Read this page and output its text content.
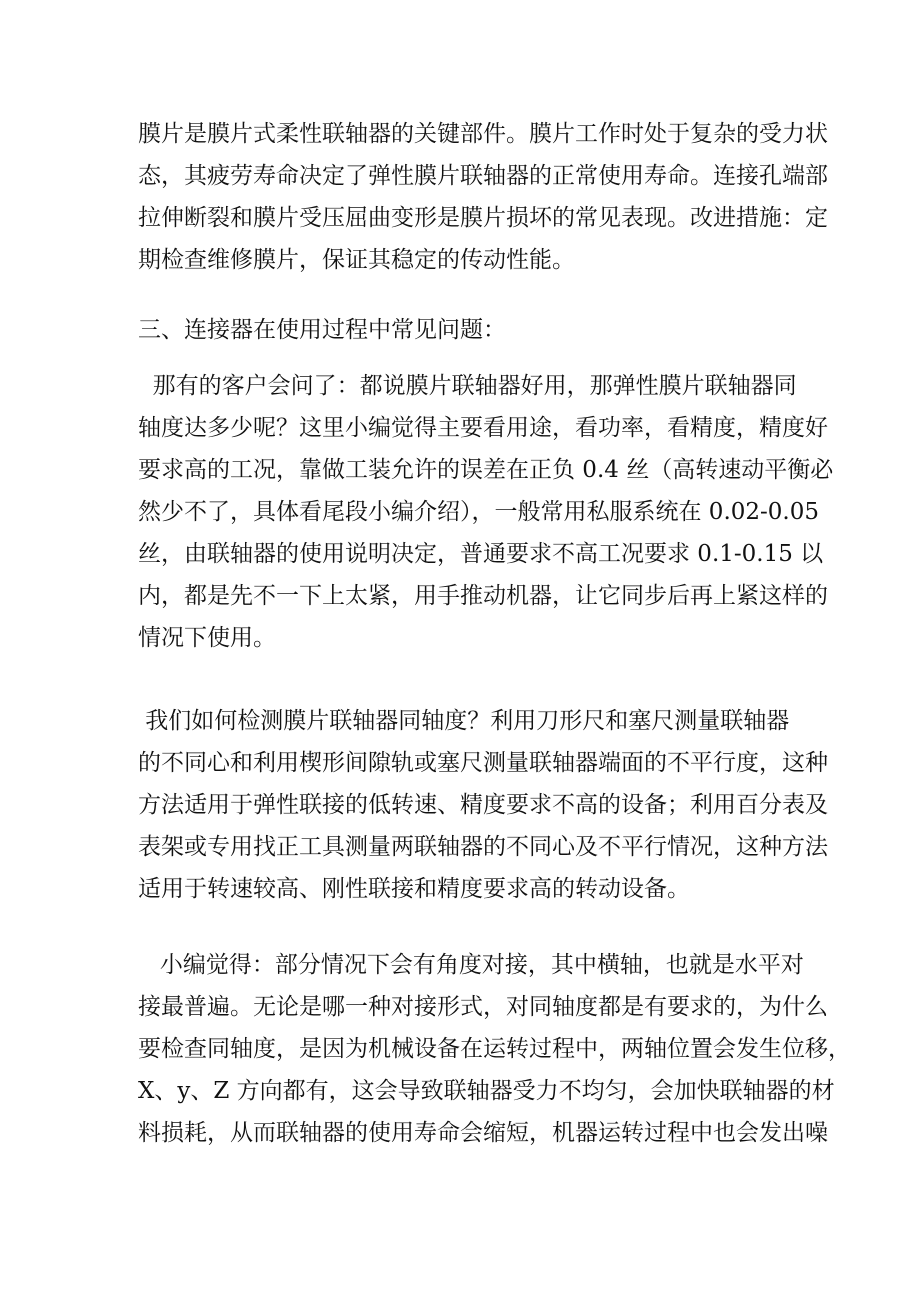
膜片是膜片式柔性联轴器的关键部件。膜片工作时处于复杂的受力状
态，其疲劳寿命决定了弹性膜片联轴器的正常使用寿命。连接孔端部
拉伸断裂和膜片受压屈曲变形是膜片损坏的常见表现。改进措施：定
期检查维修膜片，保证其稳定的传动性能。
三、连接器在使用过程中常见问题：
那有的客户会问了：都说膜片联轴器好用，那弹性膜片联轴器同
轴度达多少呢？这里小编觉得主要看用途，看功率，看精度，精度好
要求高的工况，靠做工装允许的误差在正负 0.4 丝（高转速动平衡必
然少不了，具体看尾段小编介绍），一般常用私服系统在 0.02-0.05
丝，由联轴器的使用说明决定，普通要求不高工况要求 0.1-0.15 以
内，都是先不一下上太紧，用手推动机器，让它同步后再上紧这样的
情况下使用。
我们如何检测膜片联轴器同轴度？利用刀形尺和塞尺测量联轴器
的不同心和利用楔形间隙轨或塞尺测量联轴器端面的不平行度，这种
方法适用于弹性联接的低转速、精度要求不高的设备；利用百分表及
表架或专用找正工具测量两联轴器的不同心及不平行情况，这种方法
适用于转速较高、刚性联接和精度要求高的转动设备。
小编觉得：部分情况下会有角度对接，其中横轴，也就是水平对
接最普遍。无论是哪一种对接形式，对同轴度都是有要求的，为什么
要检查同轴度，是因为机械设备在运转过程中，两轴位置会发生位移，
X、y、Z 方向都有，这会导致联轴器受力不均匀，会加快联轴器的材
料损耗，从而联轴器的使用寿命会缩短，机器运转过程中也会发出噪
